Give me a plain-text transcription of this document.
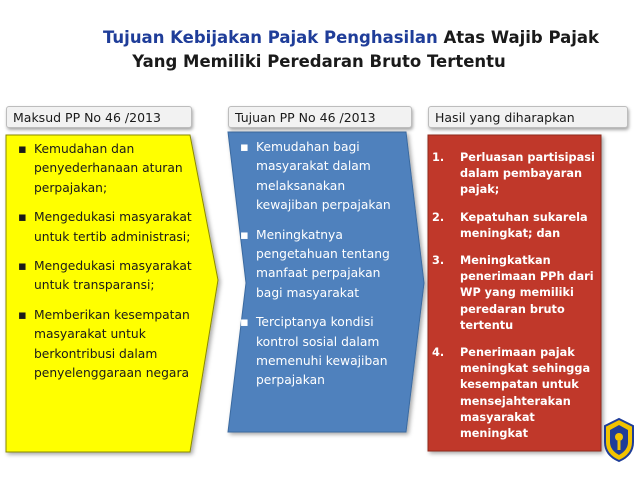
Tujuan Kebijakan Pajak Penghasilan Atas Wajib Pajak
Yang Memiliki Peredaran Bruto Tertentu
Maksud PP No 46 /2013	Tujuan PP No 46 /2013	Hasil yang diharapkan
▪ Kemudahan dan penyederhanaan aturan perpajakan;
▪ Mengedukasi masyarakat untuk tertib administrasi;
▪ Mengedukasi masyarakat untuk transparansi;
▪ Memberikan kesempatan masyarakat untuk berkontribusi dalam penyelenggaraan negara
▪ Kemudahan bagi masyarakat dalam melaksanakan kewajiban perpajakan
▪ Meningkatnya pengetahuan tentang manfaat perpajakan bagi masyarakat
▪ Terciptanya kondisi kontrol sosial dalam memenuhi kewajiban perpajakan
1. Perluasan partisipasi dalam pembayaran pajak;
2. Kepatuhan sukarela meningkat; dan
3. Meningkatkan penerimaan PPh dari WP yang memiliki peredaran bruto tertentu
4. Penerimaan pajak meningkat sehingga kesempatan untuk mensejahterakan masyarakat meningkat
